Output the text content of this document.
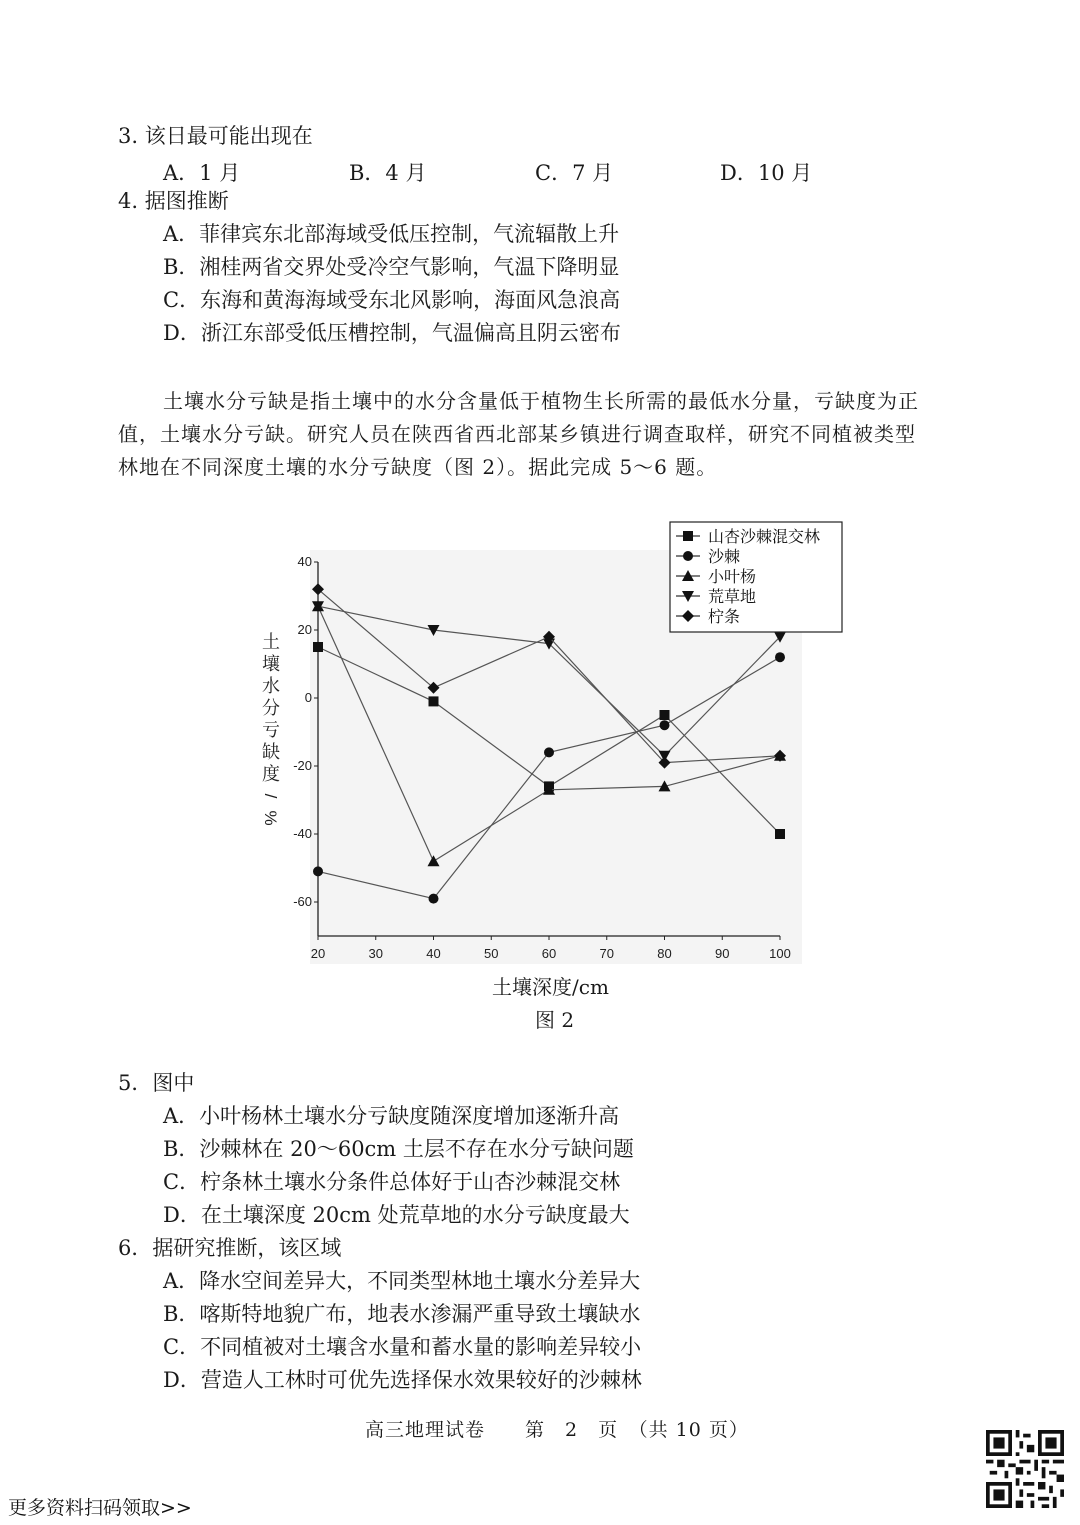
3. 该日最可能出现在
A．1 月	B．4 月	C．7 月	D．10 月
4. 据图推断
A．菲律宾东北部海域受低压控制，气流辐散上升
B．湘桂两省交界处受冷空气影响，气温下降明显
C．东海和黄海海域受东北风影响，海面风急浪高
D．浙江东部受低压槽控制，气温偏高且阴云密布
土壤水分亏缺是指土壤中的水分含量低于植物生长所需的最低水分量，亏缺度为正
值，土壤水分亏缺。研究人员在陕西省西北部某乡镇进行调查取样，研究不同植被类型
林地在不同深度土壤的水分亏缺度（图 2）。据此完成 5～6 题。
40
20
0
-20
-40
-60
20	30	40	50	60	70	80	90	100
土
壤
水
分
亏
缺
度
/
%
山杏沙棘混交林
沙棘
小叶杨
荒草地
柠条
土壤深度/cm
图 2
5．图中
A．小叶杨林土壤水分亏缺度随深度增加逐渐升高
B．沙棘林在 20～60cm 土层不存在水分亏缺问题
C．柠条林土壤水分条件总体好于山杏沙棘混交林
D．在土壤深度 20cm 处荒草地的水分亏缺度最大
6．据研究推断，该区域
A．降水空间差异大，不同类型林地土壤水分差异大
B．喀斯特地貌广布，地表水渗漏严重导致土壤缺水
C．不同植被对土壤含水量和蓄水量的影响差异较小
D．营造人工林时可优先选择保水效果较好的沙棘林
高三地理试卷　　第　2　页　（共 10 页）
更多资料扫码领取>>
